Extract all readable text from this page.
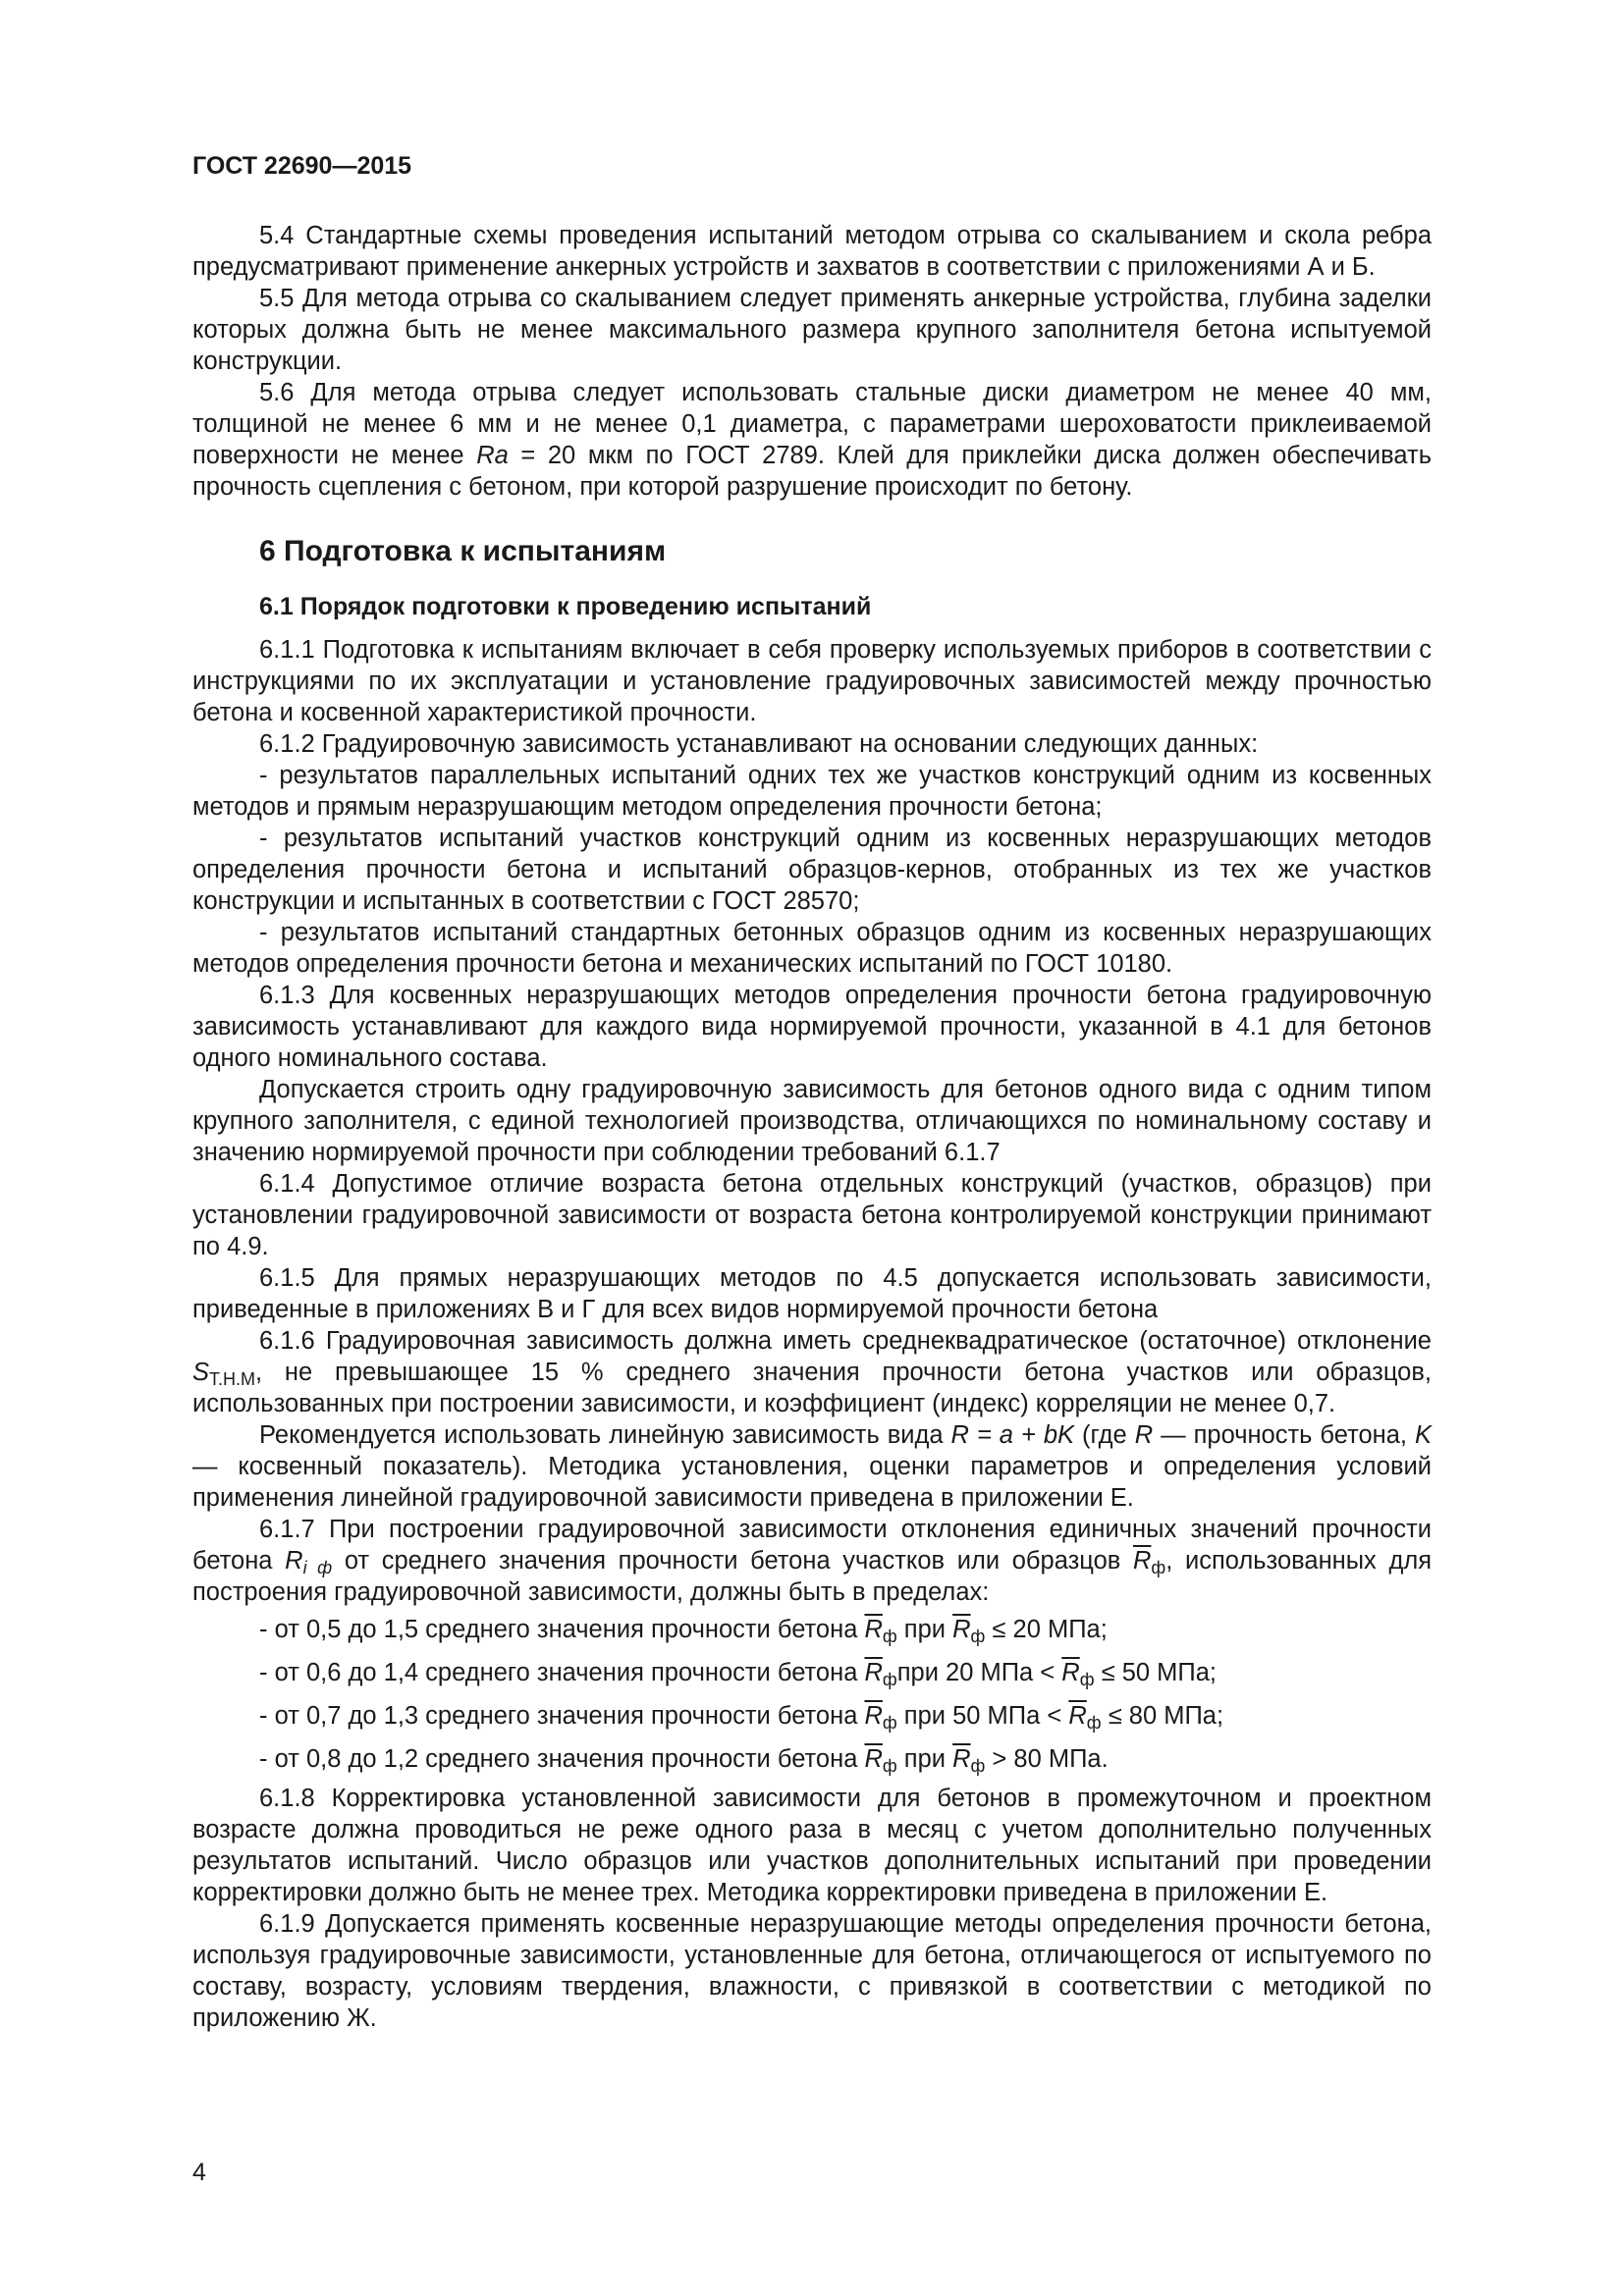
ГОСТ 22690—2015

5.4 Стандартные схемы проведения испытаний методом отрыва со скалыванием и скола ребра предусматривают применение анкерных устройств и захватов в соответствии с приложениями А и Б.

5.5 Для метода отрыва со скалыванием следует применять анкерные устройства, глубина заделки которых должна быть не менее максимального размера крупного заполнителя бетона испытуемой конструкции.

5.6 Для метода отрыва следует использовать стальные диски диаметром не менее 40 мм, толщиной не менее 6 мм и не менее 0,1 диаметра, с параметрами шероховатости приклеиваемой поверхности не менее Ra = 20 мкм по ГОСТ 2789. Клей для приклейки диска должен обеспечивать прочность сцепления с бетоном, при которой разрушение происходит по бетону.

6 Подготовка к испытаниям
6.1 Порядок подготовки к проведению испытаний

6.1.1 Подготовка к испытаниям включает в себя проверку используемых приборов в соответствии с инструкциями по их эксплуатации и установление градуировочных зависимостей между прочностью бетона и косвенной характеристикой прочности.

6.1.2 Градуировочную зависимость устанавливают на основании следующих данных:

- результатов параллельных испытаний одних тех же участков конструкций одним из косвенных методов и прямым неразрушающим методом определения прочности бетона;

- результатов испытаний участков конструкций одним из косвенных неразрушающих методов определения прочности бетона и испытаний образцов-кернов, отобранных из тех же участков конструкции и испытанных в соответствии с ГОСТ 28570;

- результатов испытаний стандартных бетонных образцов одним из косвенных неразрушающих методов определения прочности бетона и механических испытаний по ГОСТ 10180.

6.1.3 Для косвенных неразрушающих методов определения прочности бетона градуировочную зависимость устанавливают для каждого вида нормируемой прочности, указанной в 4.1 для бетонов одного номинального состава.

Допускается строить одну градуировочную зависимость для бетонов одного вида с одним типом крупного заполнителя, с единой технологией производства, отличающихся по номинальному составу и значению нормируемой прочности при соблюдении требований 6.1.7

6.1.4 Допустимое отличие возраста бетона отдельных конструкций (участков, образцов) при установлении градуировочной зависимости от возраста бетона контролируемой конструкции принимают по 4.9.

6.1.5 Для прямых неразрушающих методов по 4.5 допускается использовать зависимости, приведенные в приложениях В и Г для всех видов нормируемой прочности бетона

6.1.6 Градуировочная зависимость должна иметь среднеквадратическое (остаточное) отклонение $S_{Т.Н.М}$, не превышающее 15 % среднего значения прочности бетона участков или образцов, использованных при построении зависимости, и коэффициент (индекс) корреляции не менее 0,7.

Рекомендуется использовать линейную зависимость вида R = a + bK (где R — прочность бетона, K — косвенный показатель). Методика установления, оценки параметров и определения условий применения линейной градуировочной зависимости приведена в приложении Е.

6.1.7 При построении градуировочной зависимости отклонения единичных значений прочности бетона $R_{i ф}$ от среднего значения прочности бетона участков или образцов $\overline{R}_ф$, использованных для построения градуировочной зависимости, должны быть в пределах:

- от 0,5 до 1,5 среднего значения прочности бетона $\overline{R}_ф$ при $\overline{R}_ф \le 20$ МПа;

- от 0,6 до 1,4 среднего значения прочности бетона $\overline{R}_фпри$ 20 МПа < $\overline{R}_ф \le 50$ МПа;

- от 0,7 до 1,3 среднего значения прочности бетона $\overline{R}_ф$ при 50 МПа < $\overline{R}_ф \le 80$ МПа;

- от 0,8 до 1,2 среднего значения прочности бетона $\overline{R}_ф$ при $\overline{R}_ф > 80$ МПа.

6.1.8 Корректировка установленной зависимости для бетонов в промежуточном и проектном возрасте должна проводиться не реже одного раза в месяц с учетом дополнительно полученных результатов испытаний. Число образцов или участков дополнительных испытаний при проведении корректировки должно быть не менее трех. Методика корректировки приведена в приложении Е.

6.1.9 Допускается применять косвенные неразрушающие методы определения прочности бетона, используя градуировочные зависимости, установленные для бетона, отличающегося от испытуемого по составу, возрасту, условиям твердения, влажности, с привязкой в соответствии с методикой по приложению Ж.

4
